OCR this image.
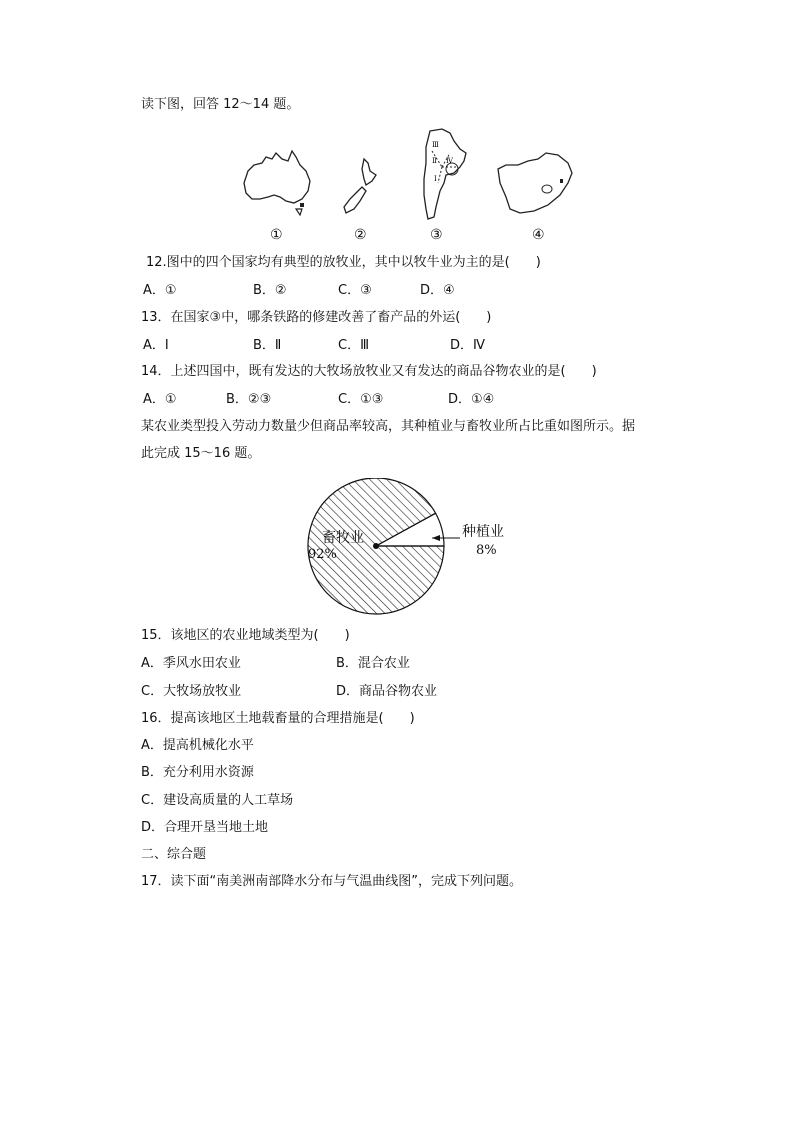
读下图，回答 12～14 题。
①	②
Ⅲ
Ⅱ Ⅳ
Ⅰ
③	④
12.图中的四个国家均有典型的放牧业，其中以牧牛业为主的是(　　)
A．①	B．②	C．③	D．④
13．在国家③中，哪条铁路的修建改善了畜产品的外运(　　)
A．Ⅰ	B．Ⅱ	C．Ⅲ	D．Ⅳ
14．上述四国中，既有发达的大牧场放牧业又有发达的商品谷物农业的是(　　)
A．①	B．②③	C．①③	D．①④
某农业类型投入劳动力数量少但商品率较高，其种植业与畜牧业所占比重如图所示。据
此完成 15～16 题。
畜牧业
92%
种植业
8%
15．该地区的农业地域类型为(　　)
A．季风水田农业	B．混合农业
C．大牧场放牧业	D．商品谷物农业
16．提高该地区土地载畜量的合理措施是(　　)
A．提高机械化水平
B．充分利用水资源
C．建设高质量的人工草场
D．合理开垦当地土地
二、综合题
17．读下面“南美洲南部降水分布与气温曲线图”，完成下列问题。
